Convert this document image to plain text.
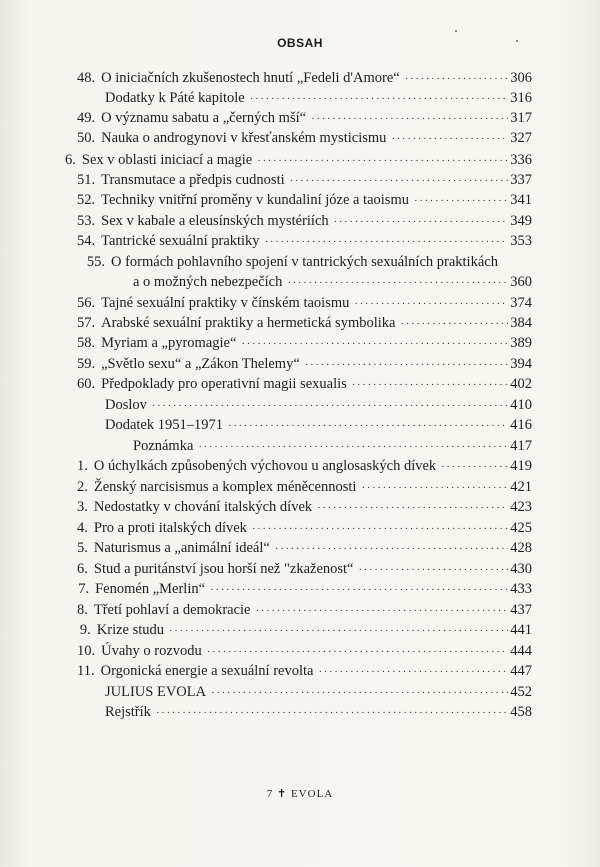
OBSAH
48. O iniciačních zkušenostech hnutí „Fedeli d'Amore“ ·····	306
Dodatky k Páté kapitole ·····	316
49. O významu sabatu a „černých mší“ ·····	317
50. Nauka o androgynovi v křesťanském mysticismu ·····	327
6. Sex v oblasti iniciací a magie ·····	336
51. Transmutace a předpis cudnosti ·····	337
52. Techniky vnitřní proměny v kundaliní józe a taoismu ·····	341
53. Sex v kabale a eleusínských mystériích ·····	349
54. Tantrické sexuální praktiky ·····	353
55. O formách pohlavního spojení v tantrických sexuálních praktikách
a o možných nebezpečích ·····	360
56. Tajné sexuální praktiky v čínském taoismu ·····	374
57. Arabské sexuální praktiky a hermetická symbolika ·····	384
58. Myriam a „pyromagie“ ·····	389
59. „Světlo sexu“ a „Zákon Thelemy“ ·····	394
60. Předpoklady pro operativní magii sexualis ·····	402
Doslov ·····	410
Dodatek 1951–1971 ·····	416
Poznámka ·····	417
1. O úchylkách způsobených výchovou u anglosaských dívek ·····	419
2. Ženský narcisismus a komplex méněcennosti ·····	421
3. Nedostatky v chování italských dívek ·····	423
4. Pro a proti italských dívek ·····	425
5. Naturismus a „animální ideál“ ·····	428
6. Stud a puritánství jsou horší než "zkaženost“ ·····	430
7. Fenomén „Merlin“ ·····	433
8. Třetí pohlaví a demokracie ·····	437
9. Krize studu ·····	441
10. Úvahy o rozvodu ·····	444
11. Orgonická energie a sexuální revolta ·····	447
JULIUS EVOLA ·····	452
Rejstřík ·····	458
7 ✝ EVOLA
